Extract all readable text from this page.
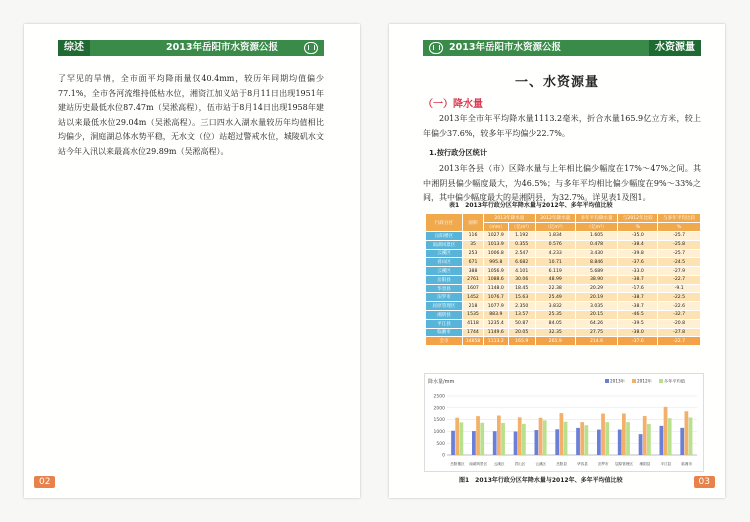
综述	2013年岳阳市水资源公报

了罕见的旱情，全市面平均降雨量仅40.4mm，较历年同期均值偏少77.1%，全市各河流维持低枯水位，湘资江加义站于8月11日出现1951年建站历史最低水位87.47m（吴淞高程），伍市站于8月14日出现1958年建站以来最低水位29.04m（吴淞高程）。三口四水入湖水量较历年均值相比均偏少，洞庭湖总体水势平稳，无水文（位）站超过警戒水位，城陵矶水文站今年入汛以来最高水位29.89m（吴淞高程）。

02
2013年岳阳市水资源公报	水资源量
一、水资源量
（一）降水量

2013年全市年平均降水量1113.2毫米，折合水量165.9亿立方米，较上年偏少37.6%，较多年平均偏少22.7%。

1.按行政分区统计

2013年各县（市）区降水量与上年相比偏少幅度在17%～47%之间。其中湘阴县偏少幅度最大，为46.5%；与多年平均相比偏少幅度在9%～33%之间，其中偏少幅度最大的是湘阴县，为32.7%。详见表1及图1。

表1　2013年行政分区年降水量与2012年、多年平均值比较
行政分区	面积	2013年降水量		2012年降水量	多年平均降水量	与2012年比较	与多年平均比较
		（mm）	（亿m³）	（亿m³）	（亿m³）	%	%
岳阳楼区	116	1027.9	1.192	1.834	1.605	-35.0	-25.7
南湖风景区	35	1013.9	0.355	0.576	0.478	-38.4	-25.8
云溪区	253	1006.8	2.547	4.233	3.430	-39.8	-25.7
君山区	671	995.8	6.682	10.71	8.846	-37.6	-24.5
云溪区	388	1056.9	4.101	6.119	5.689	-33.0	-27.9
岳阳县	2761	1088.6	30.06	48.99	38.90	-38.7	-22.7
华容县	1607	1148.0	18.45	22.38	20.29	-17.6	-9.1
汨罗市	1452	1076.7	15.63	25.49	20.19	-38.7	-22.5
屈原管理区	218	1077.9	2.350	3.832	3.035	-38.7	-22.6
湘阴县	1535	883.9	13.57	25.35	20.15	-46.5	-32.7
平江县	4118	1235.4	50.87	84.05	64.26	-39.5	-20.8
临湘市	1744	1149.6	20.05	32.35	27.75	-38.0	-27.8
全市	14858	1113.2	165.9	265.9	214.6	-37.6	-22.7
降水量/mm
0
500
1000
1500
2000
2500
岳阳楼区 南湖风景区 云溪区	君山区	云溪区	岳阳县	华容县	汨罗市 屈原管理区 湘阴县	平江县	临湘市
2013年	2012年	多年平均值
图1　2013年行政分区年降水量与2012年、多年平均值比较	03
